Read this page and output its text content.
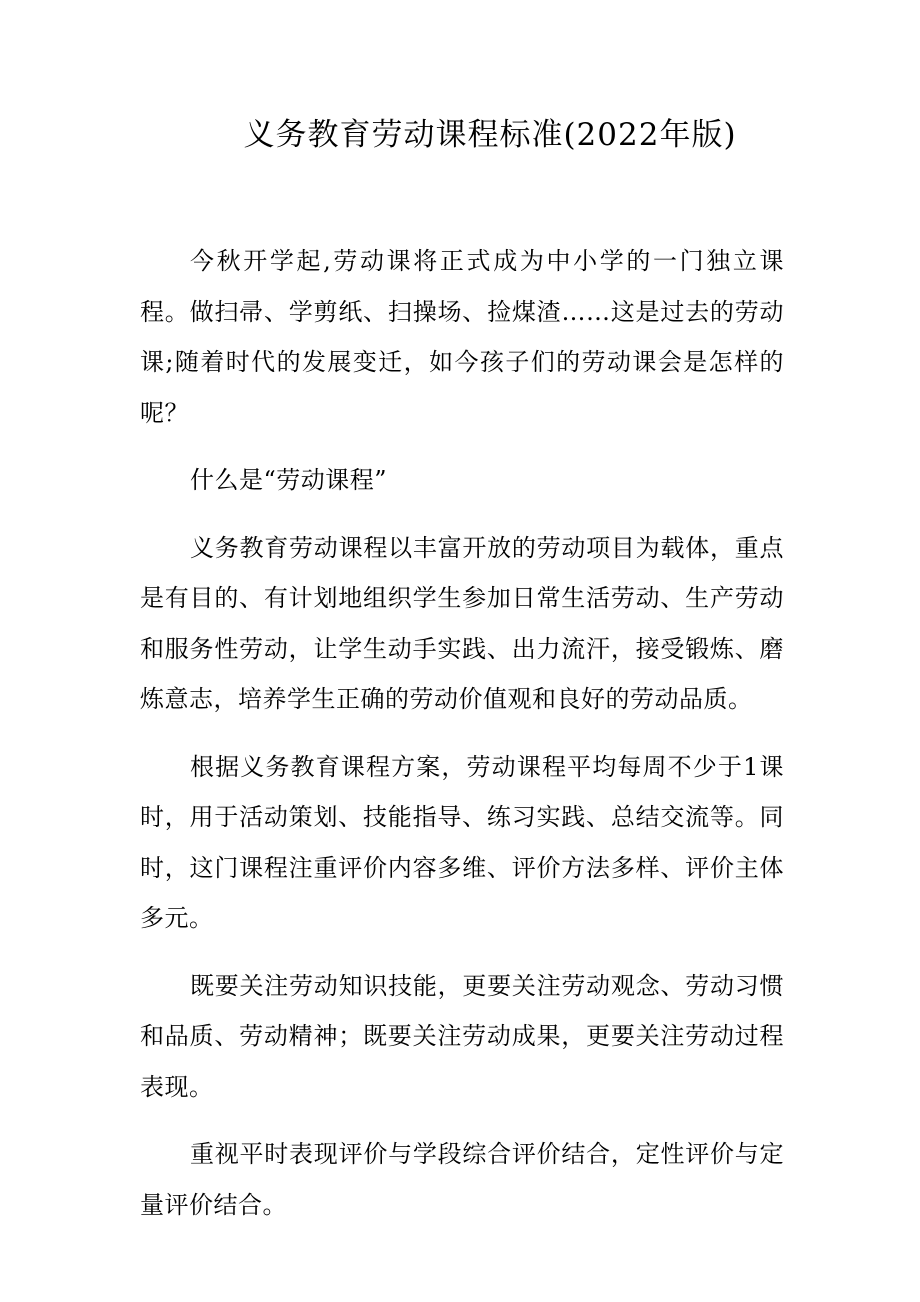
义务教育劳动课程标准(2022年版)

今秋开学起,劳动课将正式成为中小学的一门独立课程。做扫帚、学剪纸、扫操场、捡煤渣……这是过去的劳动课;随着时代的发展变迁，如今孩子们的劳动课会是怎样的呢？

什么是“劳动课程”

义务教育劳动课程以丰富开放的劳动项目为载体，重点是有目的、有计划地组织学生参加日常生活劳动、生产劳动和服务性劳动，让学生动手实践、出力流汗，接受锻炼、磨炼意志，培养学生正确的劳动价值观和良好的劳动品质。

根据义务教育课程方案，劳动课程平均每周不少于1课时，用于活动策划、技能指导、练习实践、总结交流等。同时，这门课程注重评价内容多维、评价方法多样、评价主体多元。

既要关注劳动知识技能，更要关注劳动观念、劳动习惯和品质、劳动精神；既要关注劳动成果，更要关注劳动过程表现。

重视平时表现评价与学段综合评价结合，定性评价与定量评价结合。
